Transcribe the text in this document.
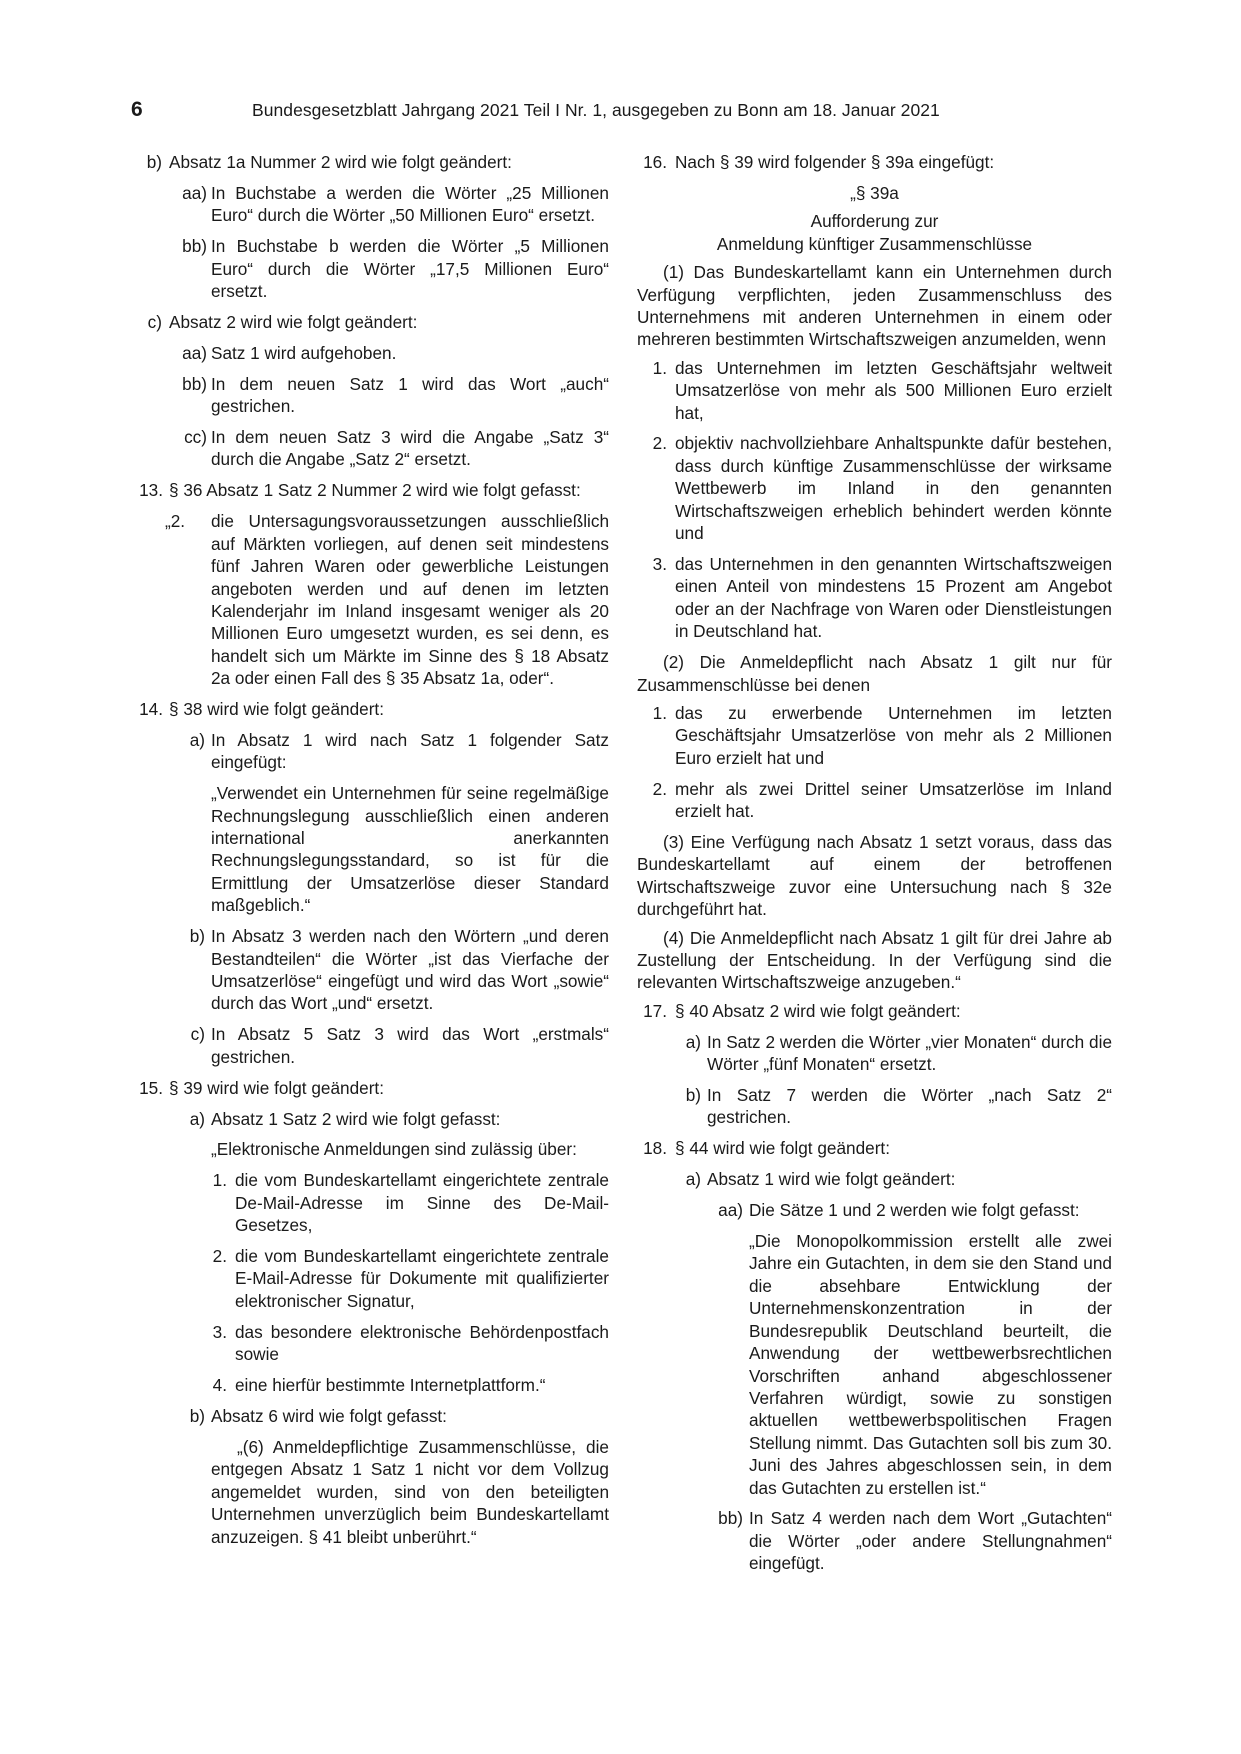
6	Bundesgesetzblatt Jahrgang 2021 Teil I Nr. 1, ausgegeben zu Bonn am 18. Januar 2021
b) Absatz 1a Nummer 2 wird wie folgt geändert:

aa) In Buchstabe a werden die Wörter „25 Millionen Euro“ durch die Wörter „50 Millionen Euro“ ersetzt.

bb) In Buchstabe b werden die Wörter „5 Millionen Euro“ durch die Wörter „17,5 Millionen Euro“ ersetzt.

c) Absatz 2 wird wie folgt geändert:

aa) Satz 1 wird aufgehoben.

bb) In dem neuen Satz 1 wird das Wort „auch“ gestrichen.

cc) In dem neuen Satz 3 wird die Angabe „Satz 3“ durch die Angabe „Satz 2“ ersetzt.

13. § 36 Absatz 1 Satz 2 Nummer 2 wird wie folgt gefasst:

„2.	die Untersagungsvoraussetzungen ausschließlich auf Märkten vorliegen, auf denen seit mindestens fünf Jahren Waren oder gewerbliche Leistungen angeboten werden und auf denen im letzten Kalenderjahr im Inland insgesamt weniger als 20 Millionen Euro umgesetzt wurden, es sei denn, es handelt sich um Märkte im Sinne des § 18 Absatz 2a oder einen Fall des § 35 Absatz 1a, oder“.

14. § 38 wird wie folgt geändert:

a) In Absatz 1 wird nach Satz 1 folgender Satz eingefügt:

„Verwendet ein Unternehmen für seine regelmäßige Rechnungslegung ausschließlich einen anderen international anerkannten Rechnungslegungsstandard, so ist für die Ermittlung der Umsatzerlöse dieser Standard maßgeblich.“

b) In Absatz 3 werden nach den Wörtern „und deren Bestandteilen“ die Wörter „ist das Vierfache der Umsatzerlöse“ eingefügt und wird das Wort „sowie“ durch das Wort „und“ ersetzt.

c) In Absatz 5 Satz 3 wird das Wort „erstmals“ gestrichen.

15. § 39 wird wie folgt geändert:

a) Absatz 1 Satz 2 wird wie folgt gefasst:

„Elektronische Anmeldungen sind zulässig über:

1. die vom Bundeskartellamt eingerichtete zentrale De-Mail-Adresse im Sinne des De-Mail-Gesetzes,

2. die vom Bundeskartellamt eingerichtete zentrale E-Mail-Adresse für Dokumente mit qualifizierter elektronischer Signatur,

3. das besondere elektronische Behördenpostfach sowie

4. eine hierfür bestimmte Internetplattform.“

b) Absatz 6 wird wie folgt gefasst:

„(6) Anmeldepflichtige Zusammenschlüsse, die entgegen Absatz 1 Satz 1 nicht vor dem Vollzug angemeldet wurden, sind von den beteiligten Unternehmen unverzüglich beim Bundeskartellamt anzuzeigen. § 41 bleibt unberührt.“

16. Nach § 39 wird folgender § 39a eingefügt:

„§ 39a

Aufforderung zur

Anmeldung künftiger Zusammenschlüsse

(1) Das Bundeskartellamt kann ein Unternehmen durch Verfügung verpflichten, jeden Zusammenschluss des Unternehmens mit anderen Unternehmen in einem oder mehreren bestimmten Wirtschaftszweigen anzumelden, wenn

1. das Unternehmen im letzten Geschäftsjahr weltweit Umsatzerlöse von mehr als 500 Millionen Euro erzielt hat,

2. objektiv nachvollziehbare Anhaltspunkte dafür bestehen, dass durch künftige Zusammenschlüsse der wirksame Wettbewerb im Inland in den genannten Wirtschaftszweigen erheblich behindert werden könnte und

3. das Unternehmen in den genannten Wirtschaftszweigen einen Anteil von mindestens 15 Prozent am Angebot oder an der Nachfrage von Waren oder Dienstleistungen in Deutschland hat.

(2) Die Anmeldepflicht nach Absatz 1 gilt nur für Zusammenschlüsse bei denen

1. das zu erwerbende Unternehmen im letzten Geschäftsjahr Umsatzerlöse von mehr als 2 Millionen Euro erzielt hat und

2. mehr als zwei Drittel seiner Umsatzerlöse im Inland erzielt hat.

(3) Eine Verfügung nach Absatz 1 setzt voraus, dass das Bundeskartellamt auf einem der betroffenen Wirtschaftszweige zuvor eine Untersuchung nach § 32e durchgeführt hat.

(4) Die Anmeldepflicht nach Absatz 1 gilt für drei Jahre ab Zustellung der Entscheidung. In der Verfügung sind die relevanten Wirtschaftszweige anzugeben.“

17. § 40 Absatz 2 wird wie folgt geändert:

a) In Satz 2 werden die Wörter „vier Monaten“ durch die Wörter „fünf Monaten“ ersetzt.

b) In Satz 7 werden die Wörter „nach Satz 2“ gestrichen.

18. § 44 wird wie folgt geändert:

a) Absatz 1 wird wie folgt geändert:

aa) Die Sätze 1 und 2 werden wie folgt gefasst:

„Die Monopolkommission erstellt alle zwei Jahre ein Gutachten, in dem sie den Stand und die absehbare Entwicklung der Unternehmenskonzentration in der Bundesrepublik Deutschland beurteilt, die Anwendung der wettbewerbsrechtlichen Vorschriften anhand abgeschlossener Verfahren würdigt, sowie zu sonstigen aktuellen wettbewerbspolitischen Fragen Stellung nimmt. Das Gutachten soll bis zum 30. Juni des Jahres abgeschlossen sein, in dem das Gutachten zu erstellen ist.“

bb) In Satz 4 werden nach dem Wort „Gutachten“ die Wörter „oder andere Stellungnahmen“ eingefügt.
